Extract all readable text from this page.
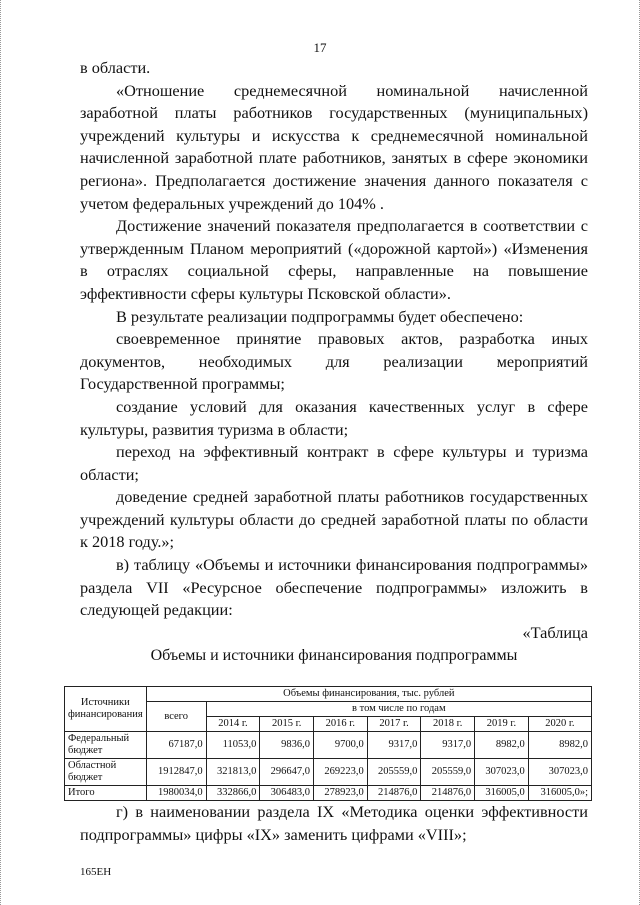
17

в области.

«Отношение среднемесячной номинальной начисленной заработной платы работников государственных (муниципальных) учреждений культуры и искусства к среднемесячной номинальной начисленной заработной плате работников, занятых в сфере экономики региона». Предполагается достижение значения данного показателя с учетом федеральных учреждений до 104% .

Достижение значений показателя предполагается в соответствии с утвержденным Планом мероприятий («дорожной картой») «Изменения в отраслях социальной сферы, направленные на повышение эффективности сферы культуры Псковской области».

В результате реализации подпрограммы будет обеспечено:

своевременное принятие правовых актов, разработка иных документов, необходимых для реализации мероприятий Государственной программы;

создание условий для оказания качественных услуг в сфере культуры, развития туризма в области;

переход на эффективный контракт в сфере культуры и туризма области;

доведение средней заработной платы работников государственных учреждений культуры области до средней заработной платы по области к 2018 году.»;

в) таблицу «Объемы и источники финансирования подпрограммы» раздела VII «Ресурсное обеспечение подпрограммы» изложить в следующей редакции:

«Таблица

Объемы и источники финансирования подпрограммы

Источники финансирования	Объемы финансирования, тыс. рублей							
	всего	в том числе по годам						
		2014 г.	2015 г.	2016 г.	2017 г.	2018 г.	2019 г.	2020 г.
Федеральный бюджет	67187,0	11053,0	9836,0	9700,0	9317,0	9317,0	8982,0	8982,0
Областной бюджет	1912847,0	321813,0	296647,0	269223,0	205559,0	205559,0	307023,0	307023,0
Итого	1980034,0	332866,0	306483,0	278923,0	214876,0	214876,0	316005,0	316005,0»;

г) в наименовании раздела IX «Методика оценки эффективности подпрограммы» цифры «IX» заменить цифрами «VIII»;

165ЕН
